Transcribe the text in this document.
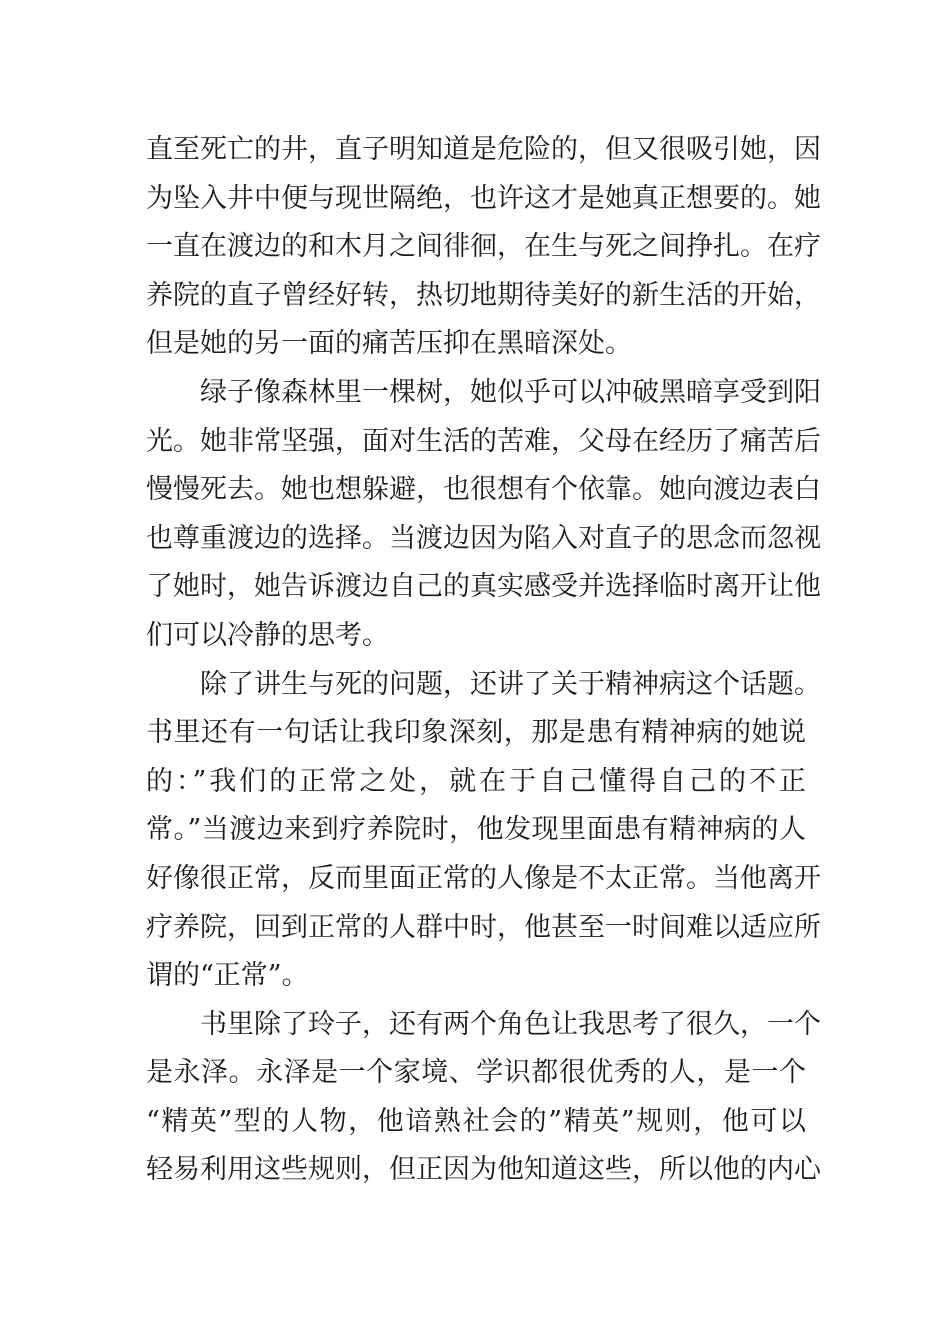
直至死亡的井，直子明知道是危险的，但又很吸引她，因
为坠入井中便与现世隔绝，也许这才是她真正想要的。她
一直在渡边的和木月之间徘徊，在生与死之间挣扎。在疗
养院的直子曾经好转，热切地期待美好的新生活的开始，
但是她的另一面的痛苦压抑在黑暗深处。
绿子像森林里一棵树，她似乎可以冲破黑暗享受到阳
光。她非常坚强，面对生活的苦难，父母在经历了痛苦后
慢慢死去。她也想躲避，也很想有个依靠。她向渡边表白
也尊重渡边的选择。当渡边因为陷入对直子的思念而忽视
了她时，她告诉渡边自己的真实感受并选择临时离开让他
们可以冷静的思考。
除了讲生与死的问题，还讲了关于精神病这个话题。
书里还有一句话让我印象深刻，那是患有精神病的她说
的：”我们的正常之处，就在于自己懂得自己的不正
常。”当渡边来到疗养院时，他发现里面患有精神病的人
好像很正常，反而里面正常的人像是不太正常。当他离开
疗养院，回到正常的人群中时，他甚至一时间难以适应所
谓的“正常”。
书里除了玲子，还有两个角色让我思考了很久，一个
是永泽。永泽是一个家境、学识都很优秀的人，是一个
“精英”型的人物，他谙熟社会的”精英”规则，他可以
轻易利用这些规则，但正因为他知道这些，所以他的内心
